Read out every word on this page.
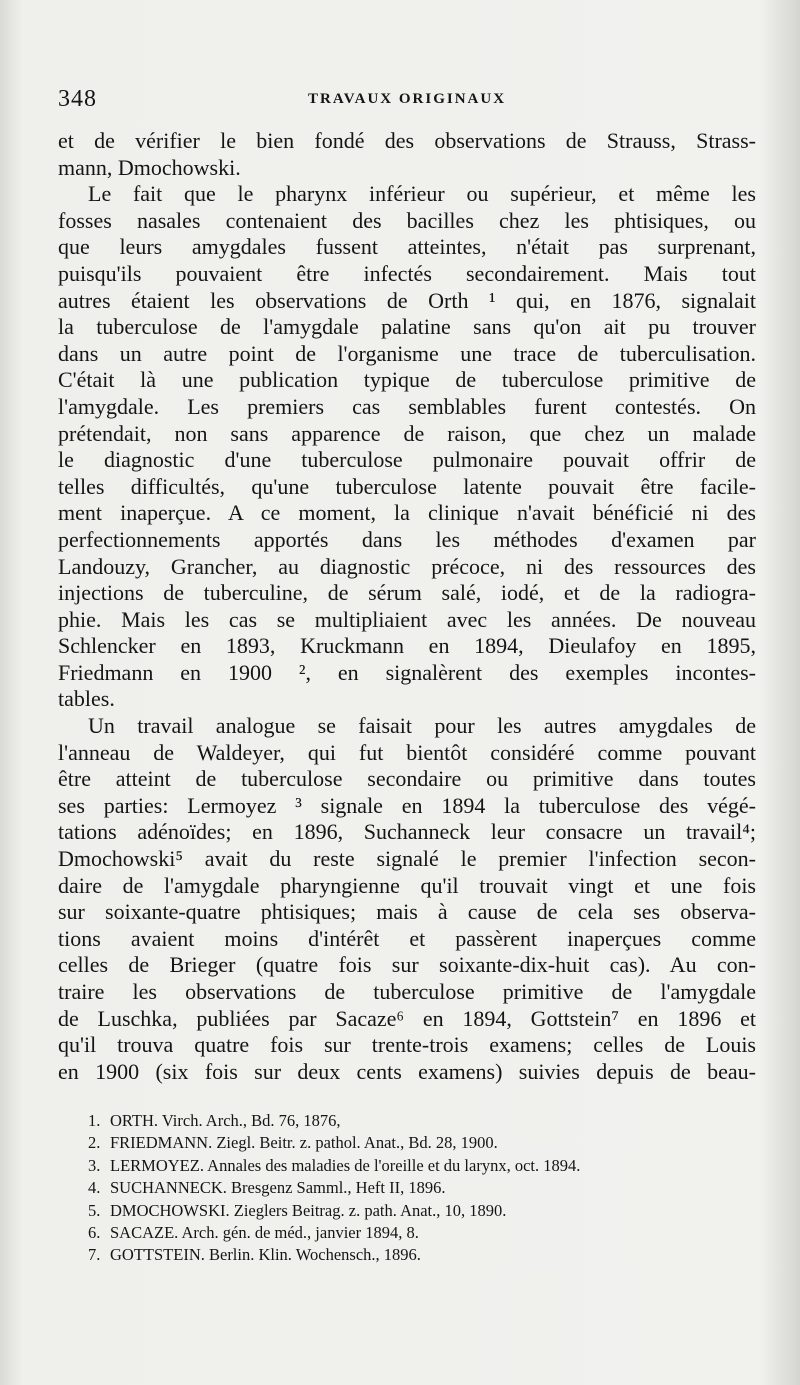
348	TRAVAUX ORIGINAUX
et de vérifier le bien fondé des observations de Strauss, Strass-
mann, Dmochowski.
Le fait que le pharynx inférieur ou supérieur, et même les
fosses nasales contenaient des bacilles chez les phtisiques, ou
que leurs amygdales fussent atteintes, n'était pas surprenant,
puisqu'ils pouvaient être infectés secondairement. Mais tout
autres étaient les observations de Orth ¹ qui, en 1876, signalait
la tuberculose de l'amygdale palatine sans qu'on ait pu trouver
dans un autre point de l'organisme une trace de tuberculisation.
C'était là une publication typique de tuberculose primitive de
l'amygdale. Les premiers cas semblables furent contestés. On
prétendait, non sans apparence de raison, que chez un malade
le diagnostic d'une tuberculose pulmonaire pouvait offrir de
telles difficultés, qu'une tuberculose latente pouvait être facile-
ment inaperçue. A ce moment, la clinique n'avait bénéficié ni des
perfectionnements apportés dans les méthodes d'examen par
Landouzy, Grancher, au diagnostic précoce, ni des ressources des
injections de tuberculine, de sérum salé, iodé, et de la radiogra-
phie. Mais les cas se multipliaient avec les années. De nouveau
Schlencker en 1893, Kruckmann en 1894, Dieulafoy en 1895,
Friedmann en 1900 ², en signalèrent des exemples incontes-
tables.
Un travail analogue se faisait pour les autres amygdales de
l'anneau de Waldeyer, qui fut bientôt considéré comme pouvant
être atteint de tuberculose secondaire ou primitive dans toutes
ses parties: Lermoyez ³ signale en 1894 la tuberculose des végé-
tations adénoïdes; en 1896, Suchanneck leur consacre un travail⁴;
Dmochowski⁵ avait du reste signalé le premier l'infection secon-
daire de l'amygdale pharyngienne qu'il trouvait vingt et une fois
sur soixante-quatre phtisiques; mais à cause de cela ses observa-
tions avaient moins d'intérêt et passèrent inaperçues comme
celles de Brieger (quatre fois sur soixante-dix-huit cas). Au con-
traire les observations de tuberculose primitive de l'amygdale
de Luschka, publiées par Sacaze⁶ en 1894, Gottstein⁷ en 1896 et
qu'il trouva quatre fois sur trente-trois examens; celles de Louis
en 1900 (six fois sur deux cents examens) suivies depuis de beau-
1. ORTH. Virch. Arch., Bd. 76, 1876,
2. FRIEDMANN. Ziegl. Beitr. z. pathol. Anat., Bd. 28, 1900.
3. LERMOYEZ. Annales des maladies de l'oreille et du larynx, oct. 1894.
4. SUCHANNECK. Bresgenz Samml., Heft II, 1896.
5. DMOCHOWSKI. Zieglers Beitrag. z. path. Anat., 10, 1890.
6. SACAZE. Arch. gén. de méd., janvier 1894, 8.
7. GOTTSTEIN. Berlin. Klin. Wochensch., 1896.
